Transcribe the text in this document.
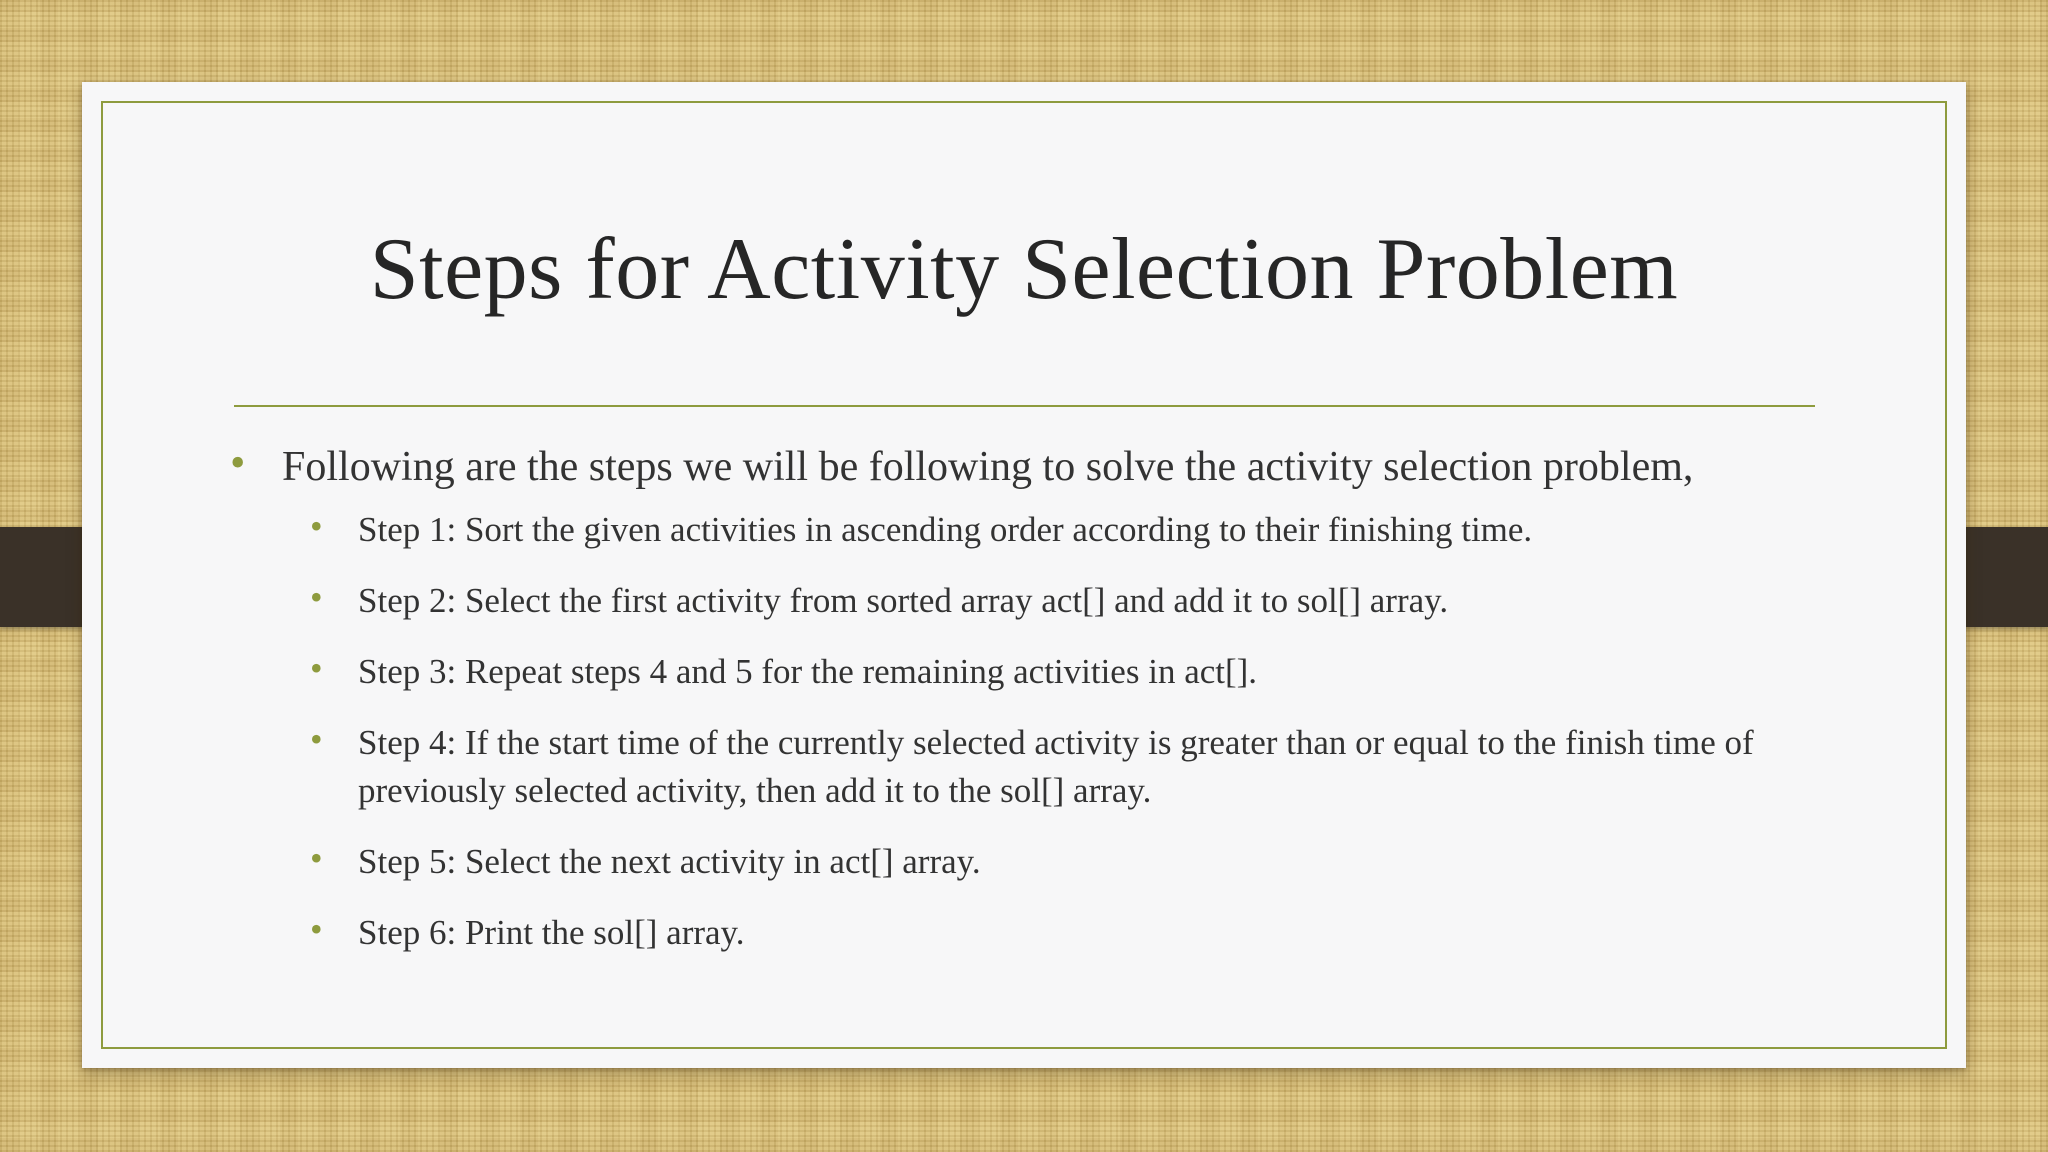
Steps for Activity Selection Problem
• Following are the steps we will be following to solve the activity selection problem,
• Step 1: Sort the given activities in ascending order according to their finishing time.
• Step 2: Select the first activity from sorted array act[] and add it to sol[] array.
• Step 3: Repeat steps 4 and 5 for the remaining activities in act[].
• Step 4: If the start time of the currently selected activity is greater than or equal to the finish time of previously selected activity, then add it to the sol[] array.
• Step 5: Select the next activity in act[] array.
• Step 6: Print the sol[] array.
